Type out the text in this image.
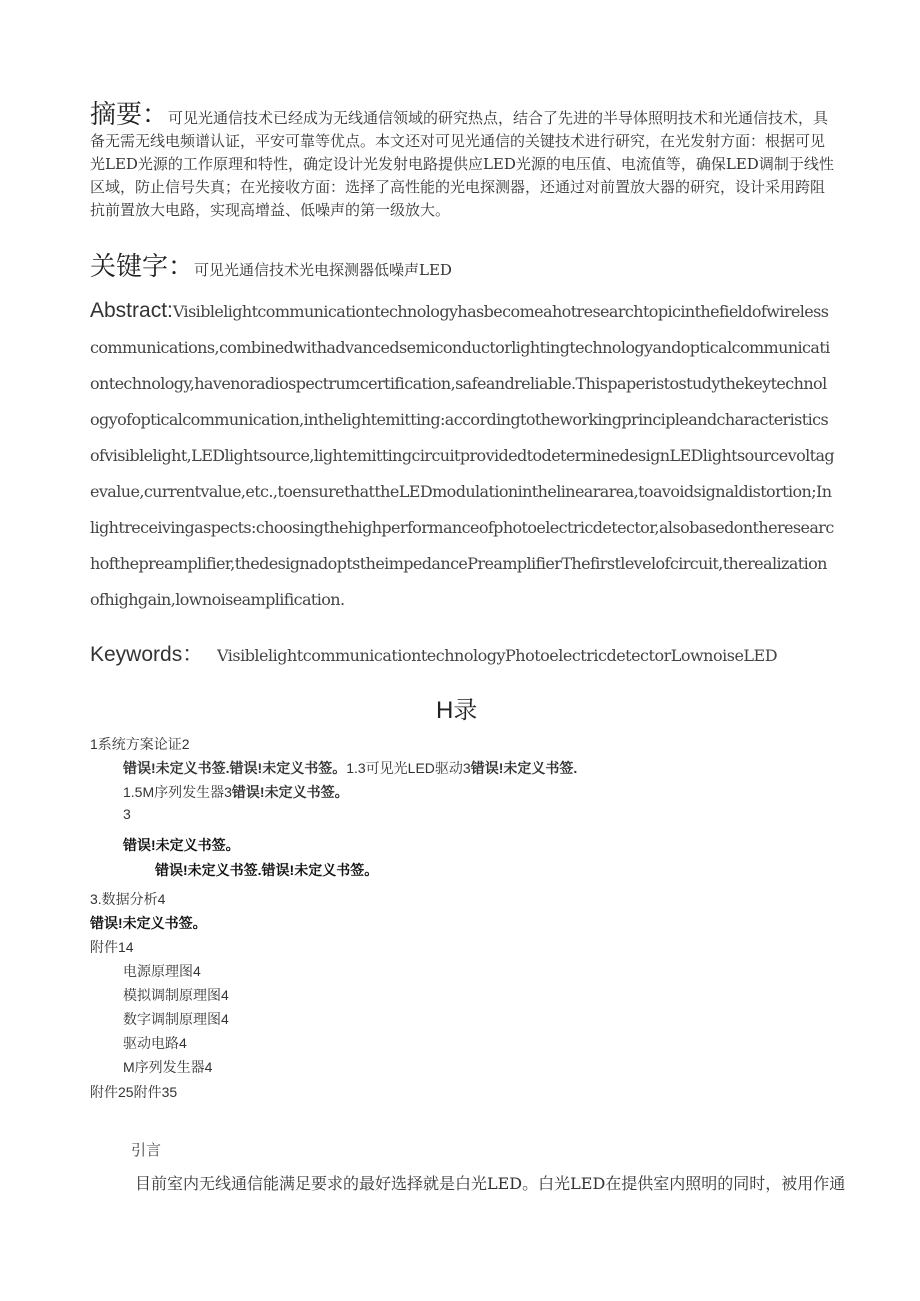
摘要：可见光通信技术已经成为无线通信领域的研究热点，结合了先进的半导体照明技术和光通信技术，具备无需无线电频谱认证，平安可靠等优点。本文还对可见光通信的关键技术进行研究，在光发射方面：根据可见光LED光源的工作原理和特性，确定设计光发射电路提供应LED光源的电压值、电流值等，确保LED调制于线性区域，防止信号失真；在光接收方面：选择了高性能的光电探测器，还通过对前置放大器的研究，设计采用跨阻抗前置放大电路，实现高增益、低噪声的第一级放大。
关键字：可见光通信技术光电探测器低噪声LED
Abstract:Visiblelightcommunicationtechnologyhasbecomeahotresearchtopicinthefieldofwirelesscommunications,combinedwithadvancedsemiconductorlightingtechnologyandopticalcommunicationtechnology,havenoradiospectrumcertification,safeandreliable.Thispaperistostudythekeytechnologyofopticalcommunication,inthelightemitting:accordingtotheworkingprincipleandcharacteristicsofvisiblelight,LEDlightsource,lightemittingcircuitprovidedtodeterminedesignLEDlightsourcevoltagevalue,currentvalue,etc.,toensurethattheLEDmodulationinthelineararea,toavoidsignaldistortion;Inlightreceivingaspects:choosingthehighperformanceofphotoelectricdetector,alsobasedontheresearchofthepreamplifier,thedesignadoptstheimpedancePreamplifierThefirstlevelofcircuit,therealizationofhighgain,lownoiseamplification.
Keywords： VisiblelightcommunicationtechnologyPhotoelectricdetectorLownoiseLED
H录
1系统方案论证2
错误!未定义书签.错误!未定义书签。1.3可见光LED驱动3错误!未定义书签.
1.5M序列发生器3错误!未定义书签。
3
错误!未定义书签。
错误!未定义书签.错误!未定义书签。
3.数据分析4
错误!未定义书签。
附件14
电源原理图4
模拟调制原理图4
数字调制原理图4
驱动电路4
M序列发生器4
附件25附件35
引言
目前室内无线通信能满足要求的最好选择就是白光LED。白光LED在提供室内照明的同时，被用作通
